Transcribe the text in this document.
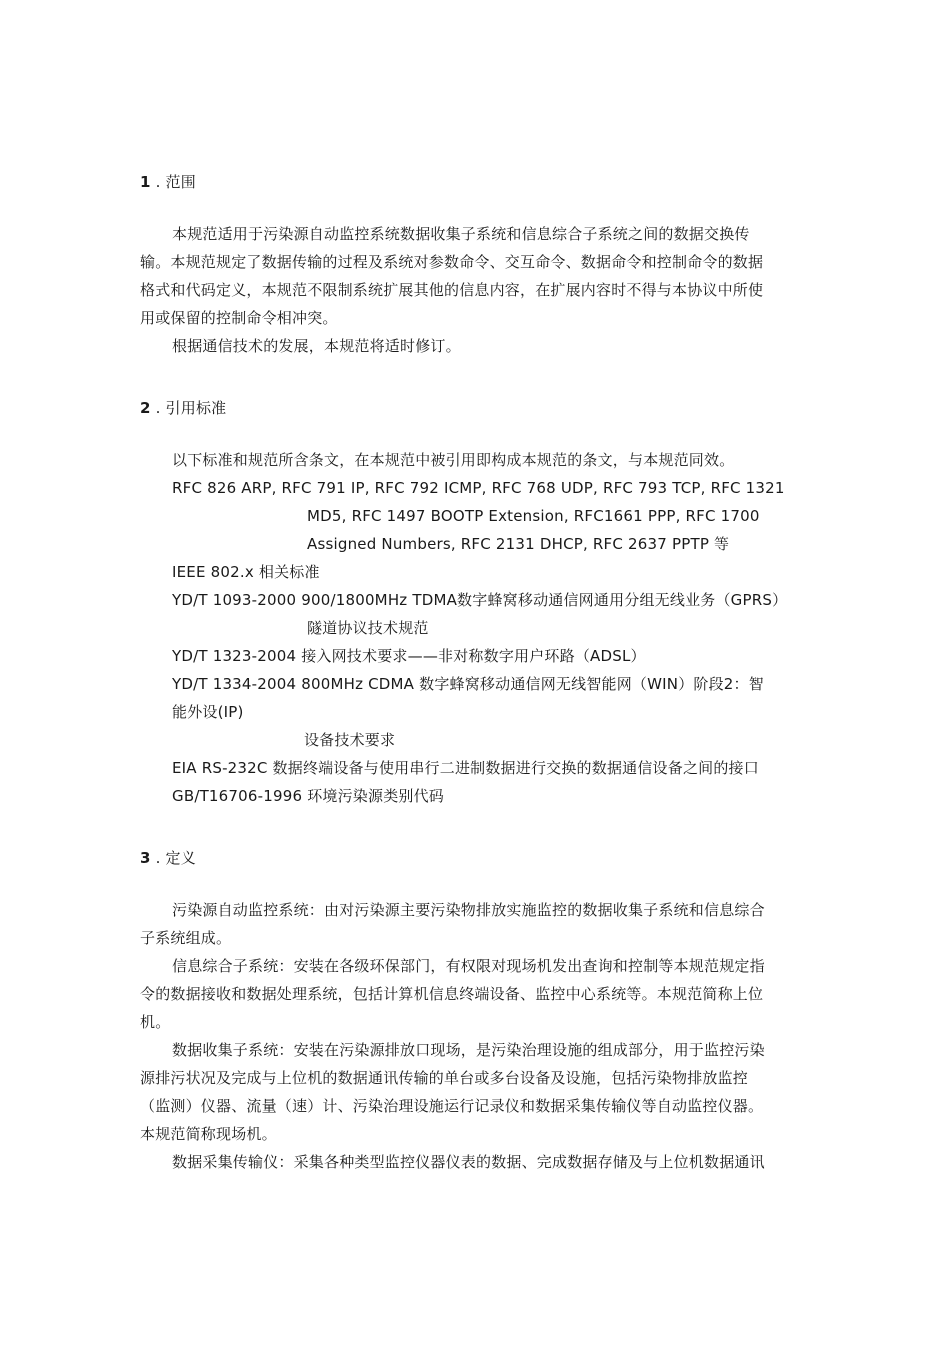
1 . 范围
本规范适用于污染源自动监控系统数据收集子系统和信息综合子系统之间的数据交换传
输。本规范规定了数据传输的过程及系统对参数命令、交互命令、数据命令和控制命令的数据
格式和代码定义，本规范不限制系统扩展其他的信息内容，在扩展内容时不得与本协议中所使
用或保留的控制命令相冲突。
根据通信技术的发展，本规范将适时修订。
2 . 引用标准
以下标准和规范所含条文，在本规范中被引用即构成本规范的条文，与本规范同效。
RFC 826 ARP, RFC 791 IP, RFC 792 ICMP, RFC 768 UDP, RFC 793 TCP, RFC 1321
MD5, RFC 1497 BOOTP Extension, RFC1661 PPP, RFC 1700
Assigned Numbers, RFC 2131 DHCP, RFC 2637 PPTP 等
IEEE 802.x 相关标准
YD/T 1093-2000 900/1800MHz TDMA数字蜂窝移动通信网通用分组无线业务（GPRS）
隧道协议技术规范
YD/T 1323-2004 接入网技术要求——非对称数字用户环路（ADSL）
YD/T 1334-2004 800MHz CDMA 数字蜂窝移动通信网无线智能网（WIN）阶段2：智
能外设(IP)
设备技术要求
EIA RS-232C 数据终端设备与使用串行二进制数据进行交换的数据通信设备之间的接口
GB/T16706-1996 环境污染源类别代码
3 . 定义
污染源自动监控系统：由对污染源主要污染物排放实施监控的数据收集子系统和信息综合
子系统组成。
信息综合子系统：安装在各级环保部门，有权限对现场机发出查询和控制等本规范规定指
令的数据接收和数据处理系统，包括计算机信息终端设备、监控中心系统等。本规范简称上位
机。
数据收集子系统：安装在污染源排放口现场，是污染治理设施的组成部分，用于监控污染
源排污状况及完成与上位机的数据通讯传输的单台或多台设备及设施，包括污染物排放监控
（监测）仪器、流量（速）计、污染治理设施运行记录仪和数据采集传输仪等自动监控仪器。
本规范简称现场机。
数据采集传输仪：采集各种类型监控仪器仪表的数据、完成数据存储及与上位机数据通讯
